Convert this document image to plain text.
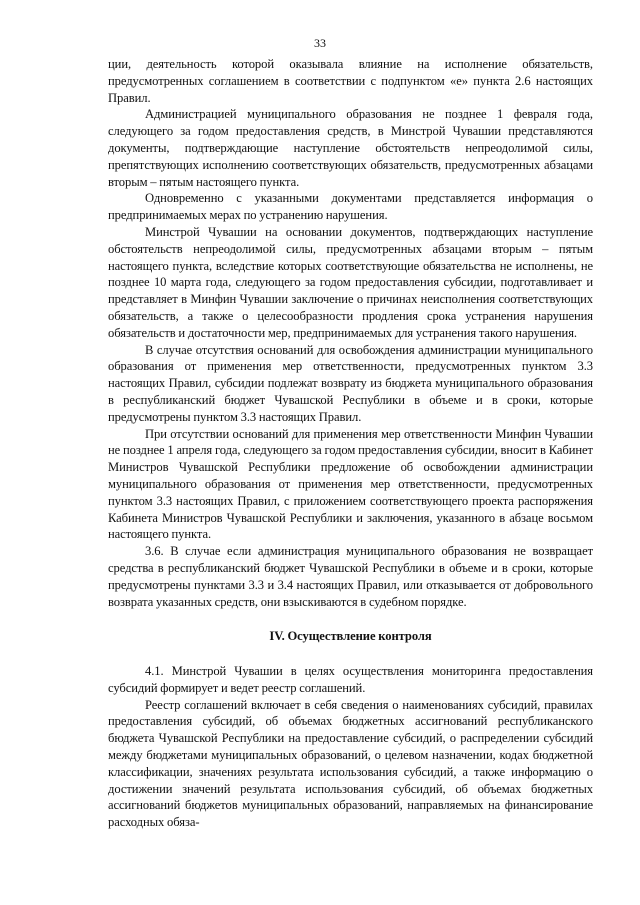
33

ции, деятельность которой оказывала влияние на исполнение обязательств, предусмотренных соглашением в соответствии с подпунктом «е» пункта 2.6 настоящих Правил.

Администрацией муниципального образования не позднее 1 февраля года, следующего за годом предоставления средств, в Минстрой Чувашии представляются документы, подтверждающие наступление обстоятельств непреодолимой силы, препятствующих исполнению соответствующих обязательств, предусмотренных абзацами вторым – пятым настоящего пункта.

Одновременно с указанными документами представляется информация о предпринимаемых мерах по устранению нарушения.

Минстрой Чувашии на основании документов, подтверждающих наступление обстоятельств непреодолимой силы, предусмотренных абзацами вторым – пятым настоящего пункта, вследствие которых соответствующие обязательства не исполнены, не позднее 10 марта года, следующего за годом предоставления субсидии, подготавливает и представляет в Минфин Чувашии заключение о причинах неисполнения соответствующих обязательств, а также о целесообразности продления срока устранения нарушения обязательств и достаточности мер, предпринимаемых для устранения такого нарушения.

В случае отсутствия оснований для освобождения администрации муниципального образования от применения мер ответственности, предусмотренных пунктом 3.3 настоящих Правил, субсидии подлежат возврату из бюджета муниципального образования в республиканский бюджет Чувашской Республики в объеме и в сроки, которые предусмотрены пунктом 3.3 настоящих Правил.

При отсутствии оснований для применения мер ответственности Минфин Чувашии не позднее 1 апреля года, следующего за годом предоставления субсидии, вносит в Кабинет Министров Чувашской Республики предложение об освобождении администрации муниципального образования от применения мер ответственности, предусмотренных пунктом 3.3 настоящих Правил, с приложением соответствующего проекта распоряжения Кабинета Министров Чувашской Республики и заключения, указанного в абзаце восьмом настоящего пункта.

3.6. В случае если администрация муниципального образования не возвращает средства в республиканский бюджет Чувашской Республики в объеме и в сроки, которые предусмотрены пунктами 3.3 и 3.4 настоящих Правил, или отказывается от добровольного возврата указанных средств, они взыскиваются в судебном порядке.

IV. Осуществление контроля

4.1. Минстрой Чувашии в целях осуществления мониторинга предоставления субсидий формирует и ведет реестр соглашений.

Реестр соглашений включает в себя сведения о наименованиях субсидий, правилах предоставления субсидий, об объемах бюджетных ассигнований республиканского бюджета Чувашской Республики на предоставление субсидий, о распределении субсидий между бюджетами муниципальных образований, о целевом назначении, кодах бюджетной классификации, значениях результата использования субсидий, а также информацию о достижении значений результата использования субсидий, об объемах бюджетных ассигнований бюджетов муниципальных образований, направляемых на финансирование расходных обяза-
